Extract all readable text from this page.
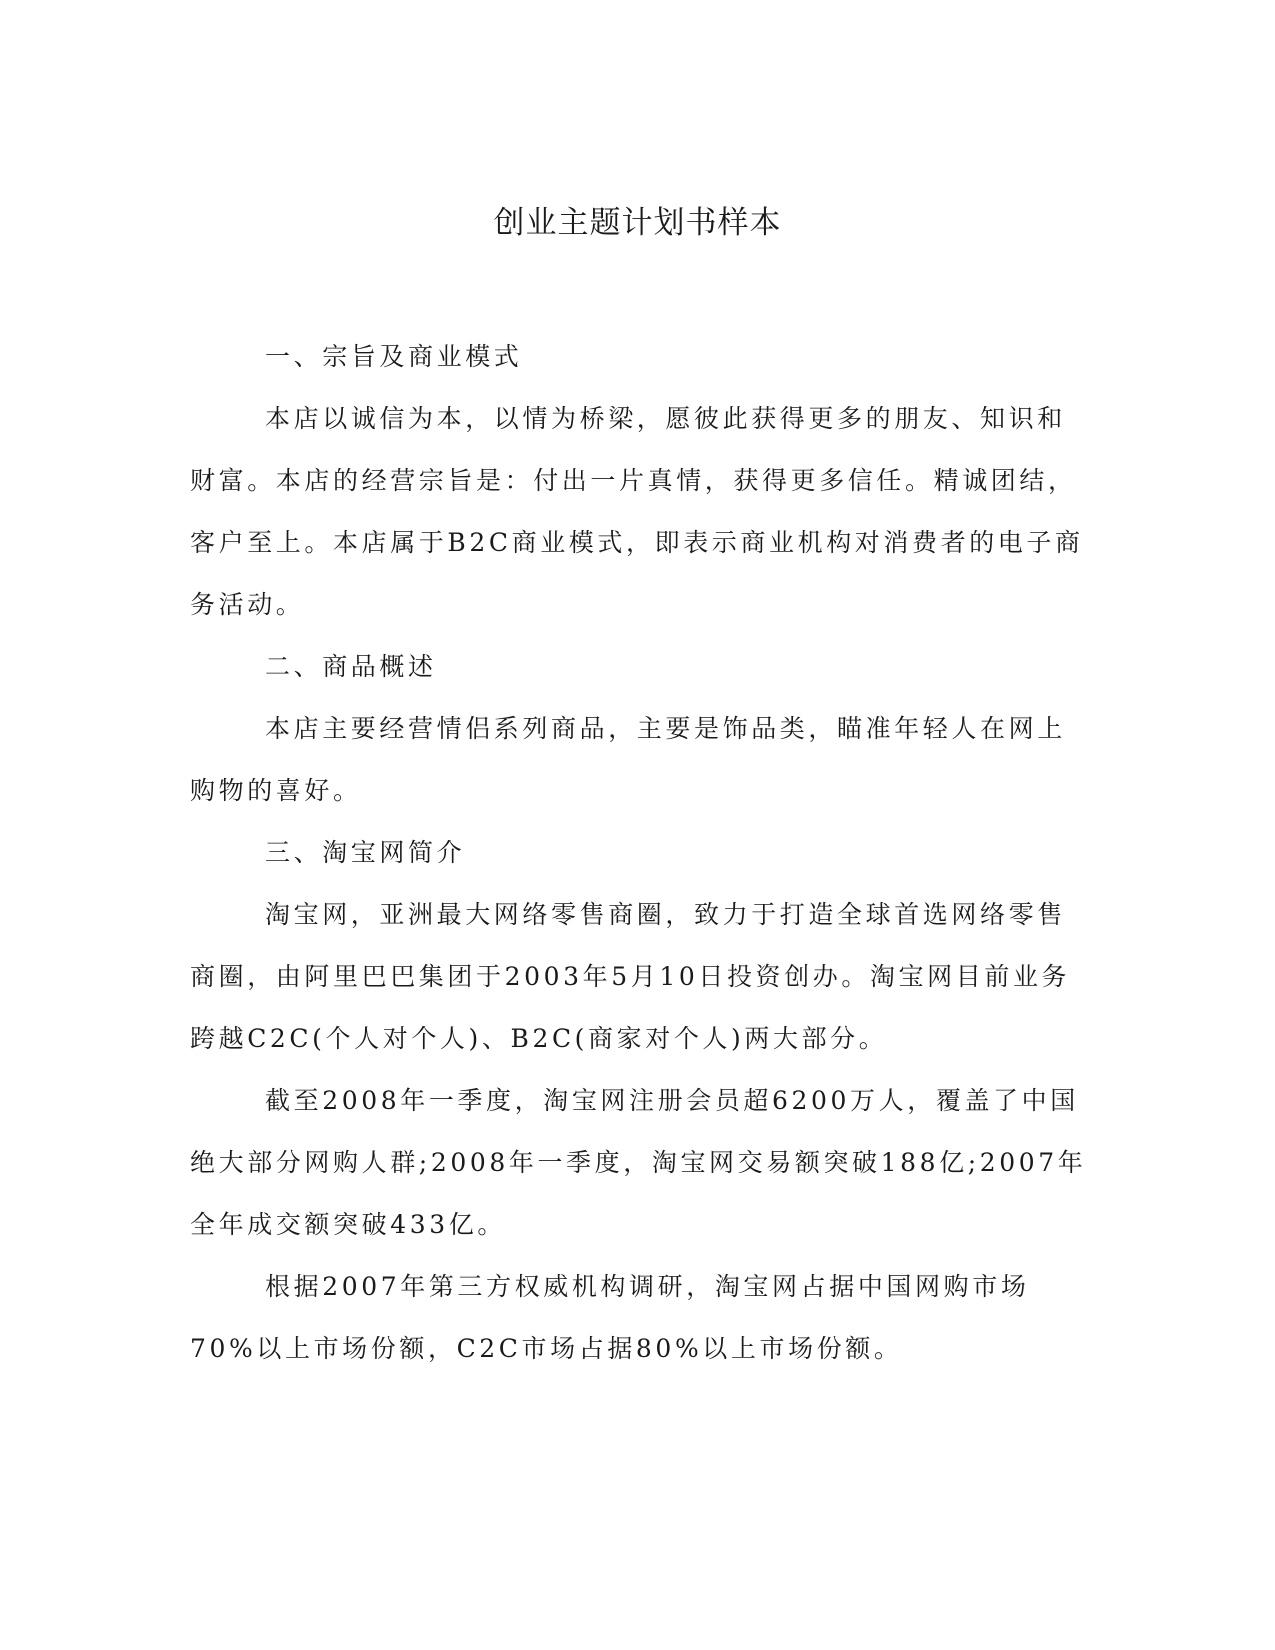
创业主题计划书样本

一、宗旨及商业模式

本店以诚信为本，以情为桥梁，愿彼此获得更多的朋友、知识和财富。本店的经营宗旨是：付出一片真情，获得更多信任。精诚团结，客户至上。本店属于B2C商业模式，即表示商业机构对消费者的电子商务活动。

二、商品概述

本店主要经营情侣系列商品，主要是饰品类，瞄准年轻人在网上购物的喜好。

三、淘宝网简介

淘宝网，亚洲最大网络零售商圈，致力于打造全球首选网络零售商圈，由阿里巴巴集团于2003年5月10日投资创办。淘宝网目前业务跨越C2C(个人对个人)、B2C(商家对个人)两大部分。

截至2008年一季度，淘宝网注册会员超6200万人，覆盖了中国绝大部分网购人群;2008年一季度，淘宝网交易额突破188亿;2007年全年成交额突破433亿。

根据2007年第三方权威机构调研，淘宝网占据中国网购市场70%以上市场份额，C2C市场占据80%以上市场份额。
